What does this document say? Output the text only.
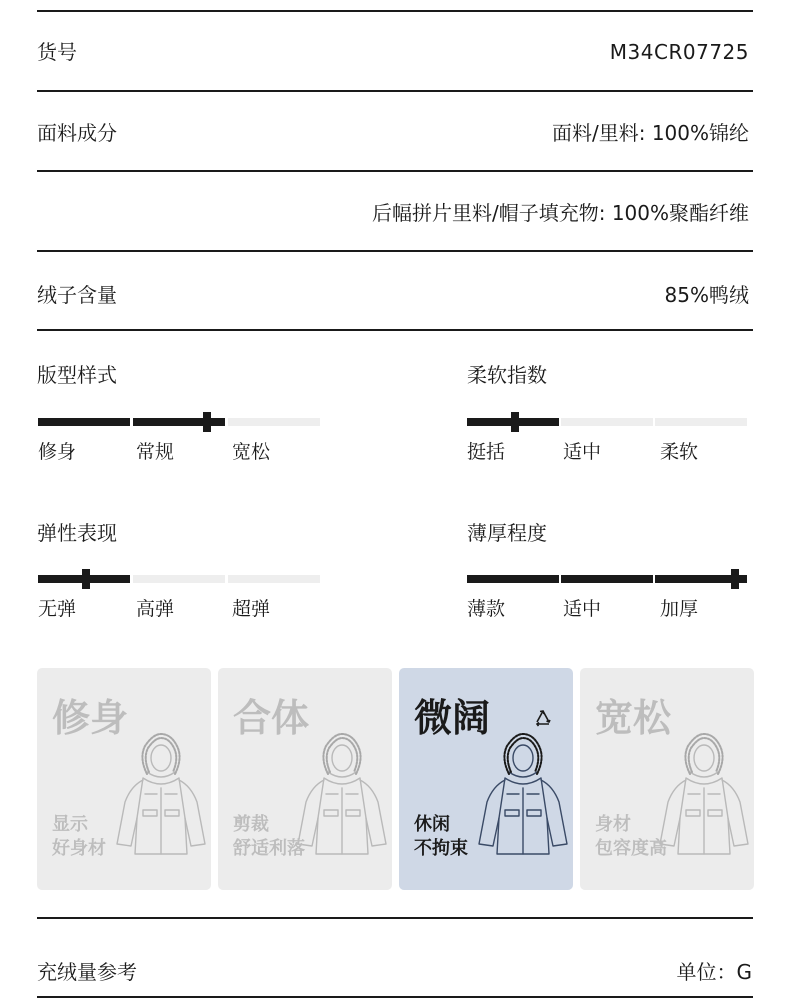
货号	M34CR07725
面料成分	面料/里料: 100%锦纶
后幅拼片里料/帽子填充物: 100%聚酯纤维
绒子含量	85%鸭绒
版型样式
修身	常规	宽松
柔软指数
挺括	适中	柔软
弹性表现
无弹	高弹	超弹
薄厚程度
薄款	适中	加厚
修身
显示
好身材
合体
剪裁
舒适利落
微阔
休闲
不拘束
宽松
身材
包容度高
充绒量参考	单位：G
